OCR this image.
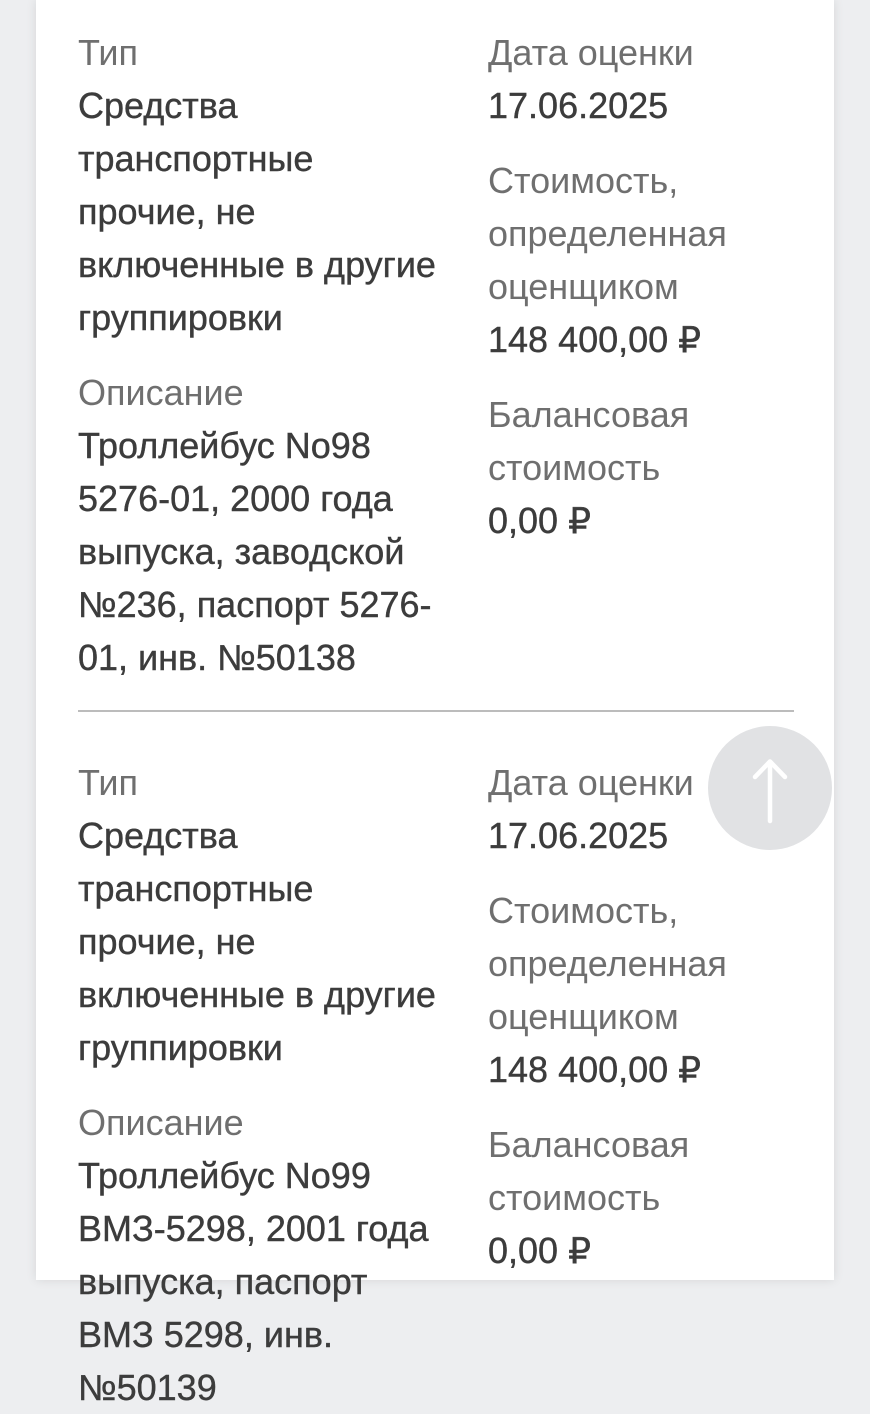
Тип
Средства транспортные прочие, не включенные в другие группировки
Описание
Троллейбус No98 5276-01, 2000 года выпуска, заводской №236, паспорт 5276-01, инв. №50138
Дата оценки
17.06.2025
Стоимость, определенная оценщиком
148 400,00 ₽
Балансовая стоимость
0,00 ₽
Тип
Средства транспортные прочие, не включенные в другие группировки
Описание
Троллейбус No99 ВМЗ-5298, 2001 года выпуска, паспорт ВМЗ 5298, инв.№50139
Дата оценки
17.06.2025
Стоимость, определенная оценщиком
148 400,00 ₽
Балансовая стоимость
0,00 ₽
